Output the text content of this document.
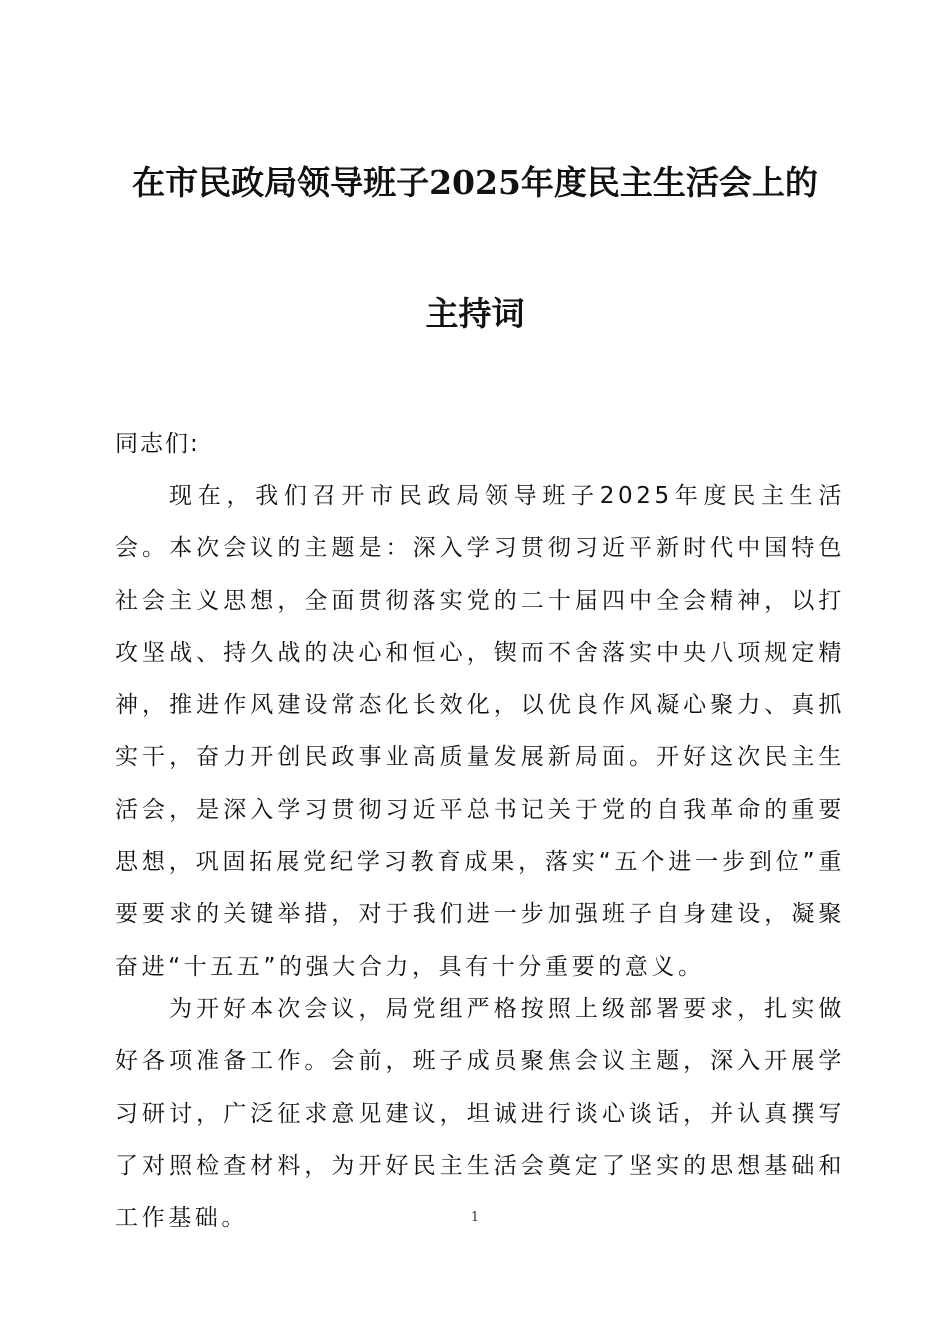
在市民政局领导班子2025年度民主生活会上的
主持词
同志们:

现在，我们召开市民政局领导班子2025年度民主生活会。本次会议的主题是：深入学习贯彻习近平新时代中国特色社会主义思想，全面贯彻落实党的二十届四中全会精神，以打攻坚战、持久战的决心和恒心，锲而不舍落实中央八项规定精神，推进作风建设常态化长效化，以优良作风凝心聚力、真抓实干，奋力开创民政事业高质量发展新局面。开好这次民主生活会，是深入学习贯彻习近平总书记关于党的自我革命的重要思想，巩固拓展党纪学习教育成果，落实“五个进一步到位”重要要求的关键举措，对于我们进一步加强班子自身建设，凝聚奋进“十五五”的强大合力，具有十分重要的意义。

为开好本次会议，局党组严格按照上级部署要求，扎实做好各项准备工作。会前，班子成员聚焦会议主题，深入开展学习研讨，广泛征求意见建议，坦诚进行谈心谈话，并认真撰写了对照检查材料，为开好民主生活会奠定了坚实的思想基础和工作基础。	1
